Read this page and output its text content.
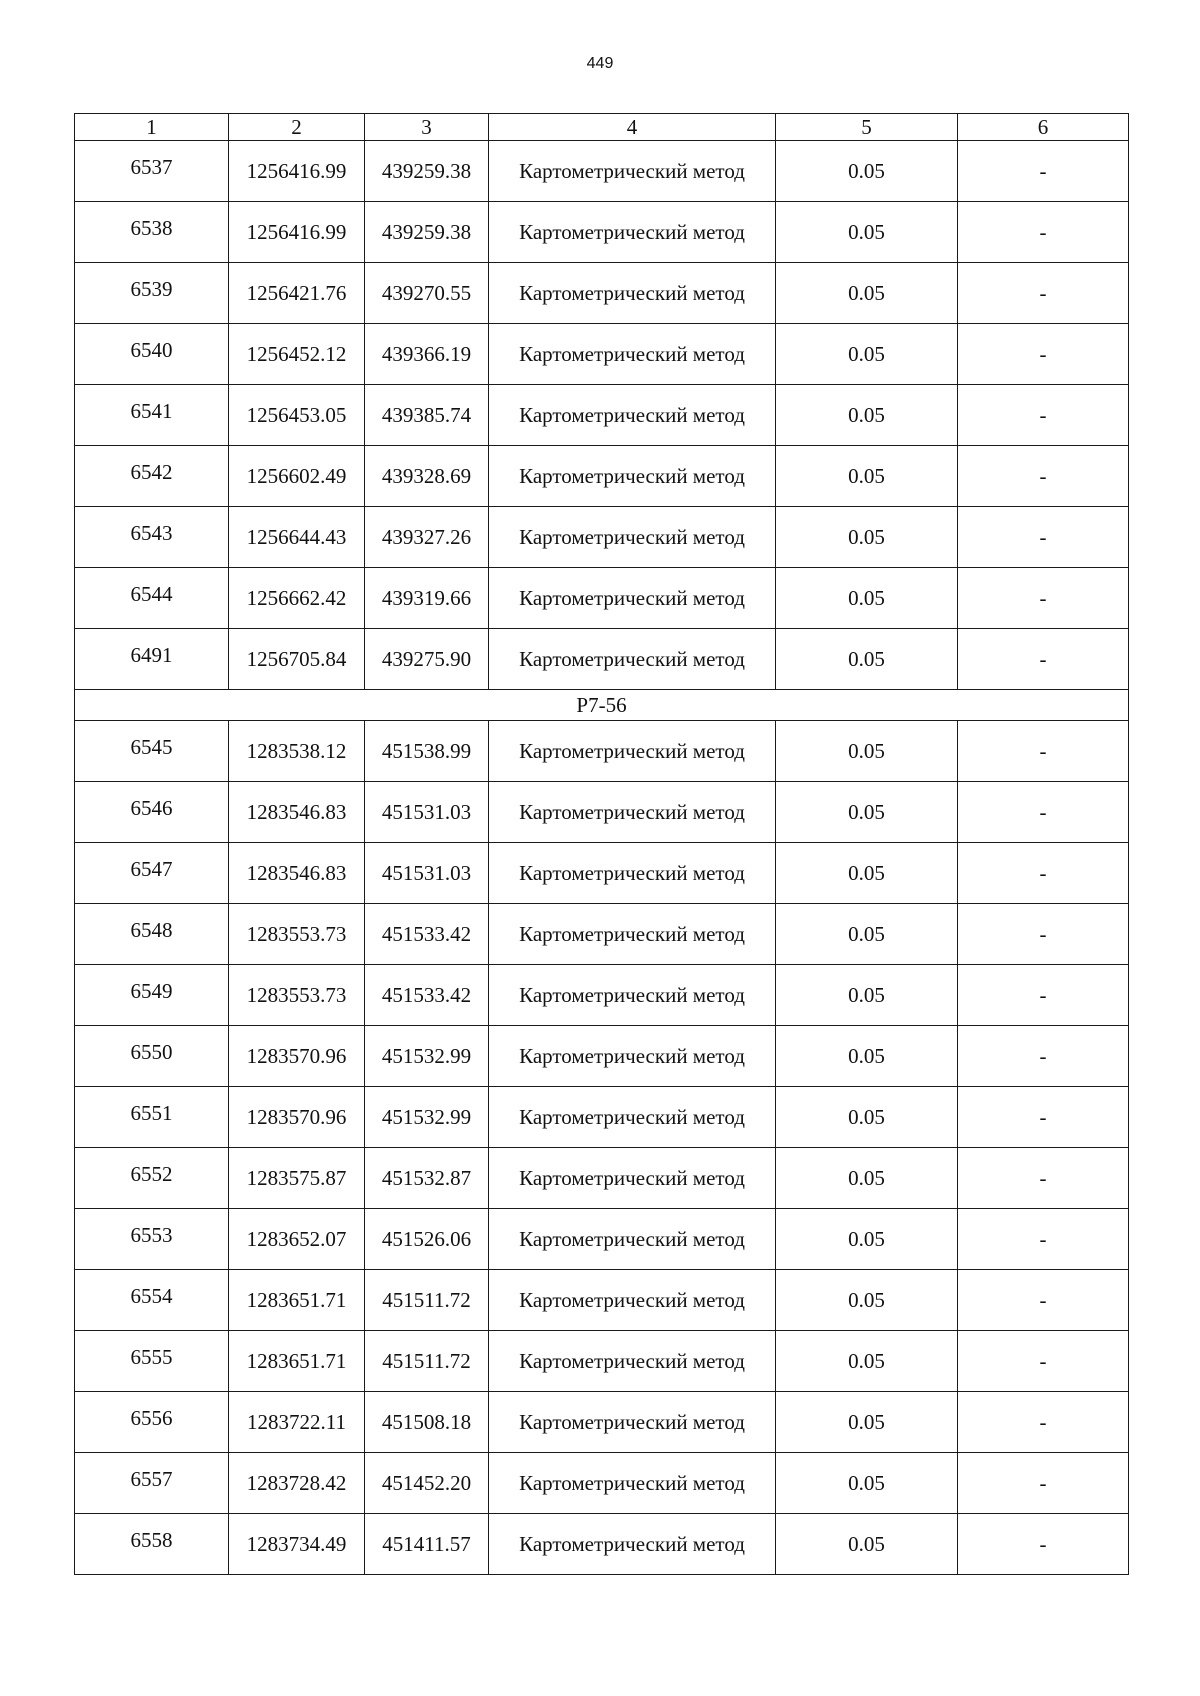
449
1	2	3	4	5	6
6537	1256416.99	439259.38	Картометрический метод	0.05	-
6538	1256416.99	439259.38	Картометрический метод	0.05	-
6539	1256421.76	439270.55	Картометрический метод	0.05	-
6540	1256452.12	439366.19	Картометрический метод	0.05	-
6541	1256453.05	439385.74	Картометрический метод	0.05	-
6542	1256602.49	439328.69	Картометрический метод	0.05	-
6543	1256644.43	439327.26	Картометрический метод	0.05	-
6544	1256662.42	439319.66	Картометрический метод	0.05	-
6491	1256705.84	439275.90	Картометрический метод	0.05	-
P7-56					
6545	1283538.12	451538.99	Картометрический метод	0.05	-
6546	1283546.83	451531.03	Картометрический метод	0.05	-
6547	1283546.83	451531.03	Картометрический метод	0.05	-
6548	1283553.73	451533.42	Картометрический метод	0.05	-
6549	1283553.73	451533.42	Картометрический метод	0.05	-
6550	1283570.96	451532.99	Картометрический метод	0.05	-
6551	1283570.96	451532.99	Картометрический метод	0.05	-
6552	1283575.87	451532.87	Картометрический метод	0.05	-
6553	1283652.07	451526.06	Картометрический метод	0.05	-
6554	1283651.71	451511.72	Картометрический метод	0.05	-
6555	1283651.71	451511.72	Картометрический метод	0.05	-
6556	1283722.11	451508.18	Картометрический метод	0.05	-
6557	1283728.42	451452.20	Картометрический метод	0.05	-
6558	1283734.49	451411.57	Картометрический метод	0.05	-
